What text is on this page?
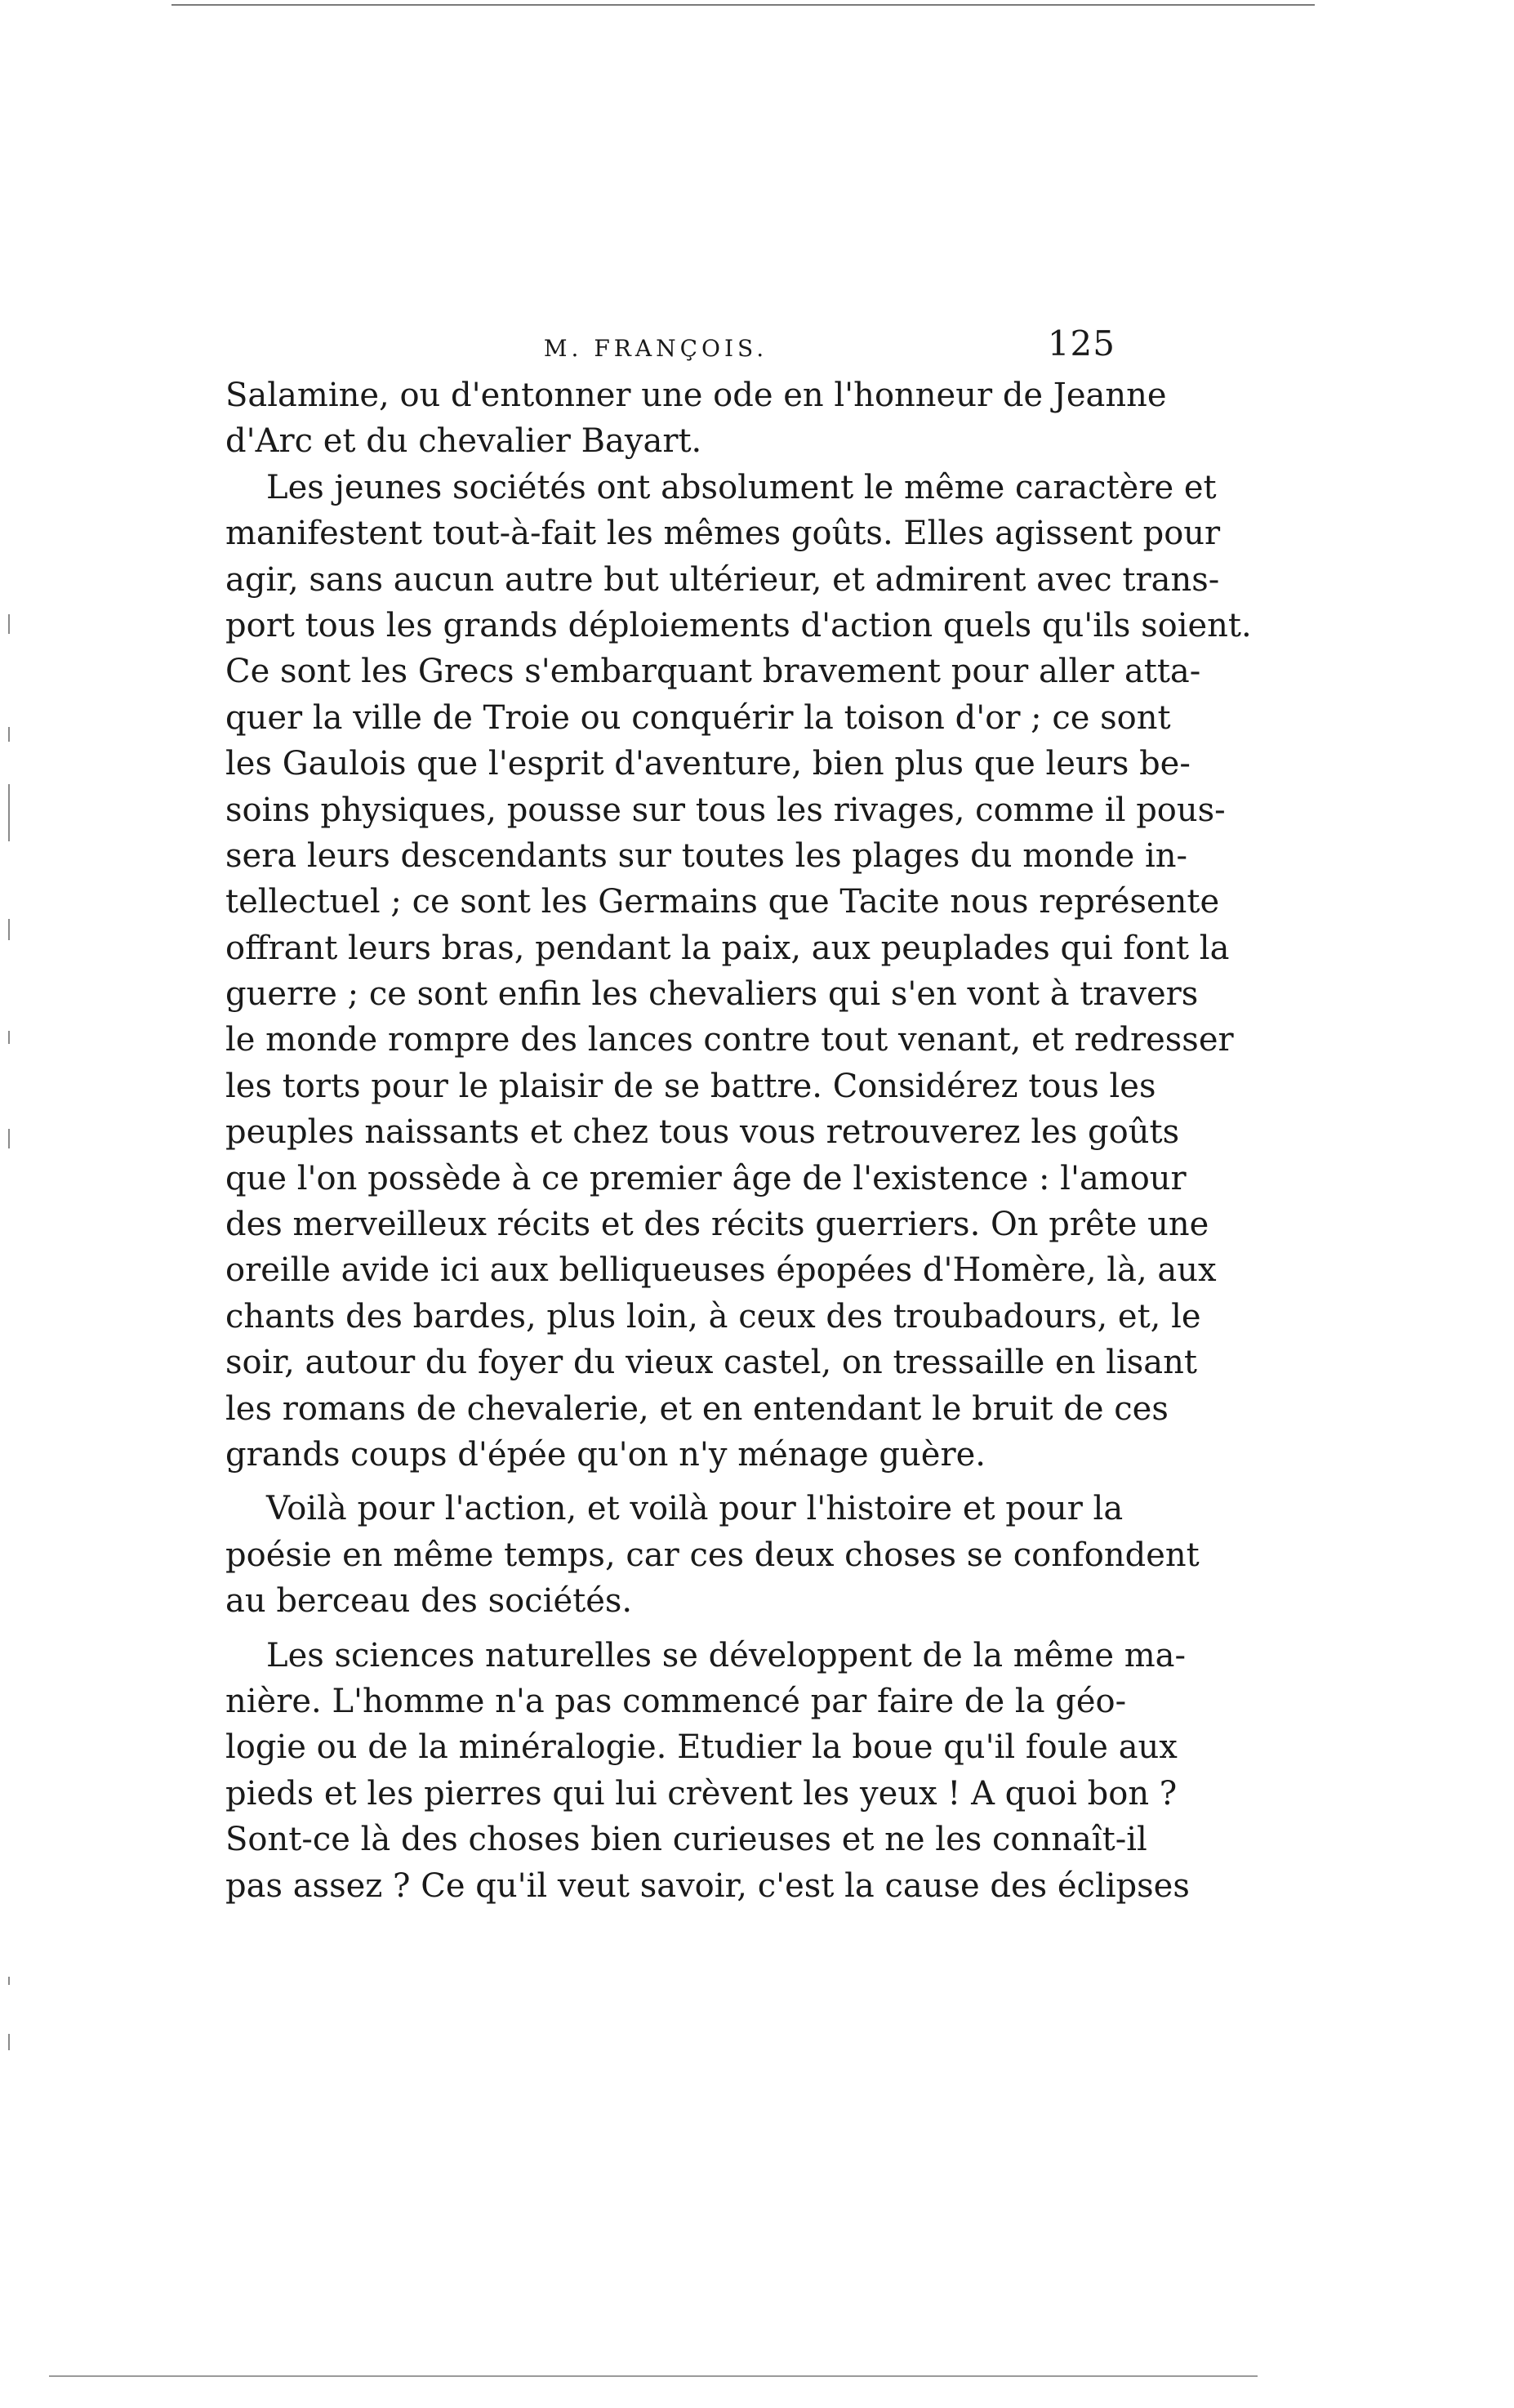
M. FRANÇOIS.	125
Salamine, ou d'entonner une ode en l'honneur de Jeanne
d'Arc et du chevalier Bayart.
Les jeunes sociétés ont absolument le même caractère et
manifestent tout-à-fait les mêmes goûts. Elles agissent pour
agir, sans aucun autre but ultérieur, et admirent avec trans-
port tous les grands déploiements d'action quels qu'ils soient.
Ce sont les Grecs s'embarquant bravement pour aller atta-
quer la ville de Troie ou conquérir la toison d'or ; ce sont
les Gaulois que l'esprit d'aventure, bien plus que leurs be-
soins physiques, pousse sur tous les rivages, comme il pous-
sera leurs descendants sur toutes les plages du monde in-
tellectuel ; ce sont les Germains que Tacite nous représente
offrant leurs bras, pendant la paix, aux peuplades qui font la
guerre ; ce sont enfin les chevaliers qui s'en vont à travers
le monde rompre des lances contre tout venant, et redresser
les torts pour le plaisir de se battre. Considérez tous les
peuples naissants et chez tous vous retrouverez les goûts
que l'on possède à ce premier âge de l'existence : l'amour
des merveilleux récits et des récits guerriers. On prête une
oreille avide ici aux belliqueuses épopées d'Homère, là, aux
chants des bardes, plus loin, à ceux des troubadours, et, le
soir, autour du foyer du vieux castel, on tressaille en lisant
les romans de chevalerie, et en entendant le bruit de ces
grands coups d'épée qu'on n'y ménage guère.
Voilà pour l'action, et voilà pour l'histoire et pour la
poésie en même temps, car ces deux choses se confondent
au berceau des sociétés.
Les sciences naturelles se développent de la même ma-
nière. L'homme n'a pas commencé par faire de la géo-
logie ou de la minéralogie. Etudier la boue qu'il foule aux
pieds et les pierres qui lui crèvent les yeux ! A quoi bon ?
Sont-ce là des choses bien curieuses et ne les connaît-il
pas assez ? Ce qu'il veut savoir, c'est la cause des éclipses
